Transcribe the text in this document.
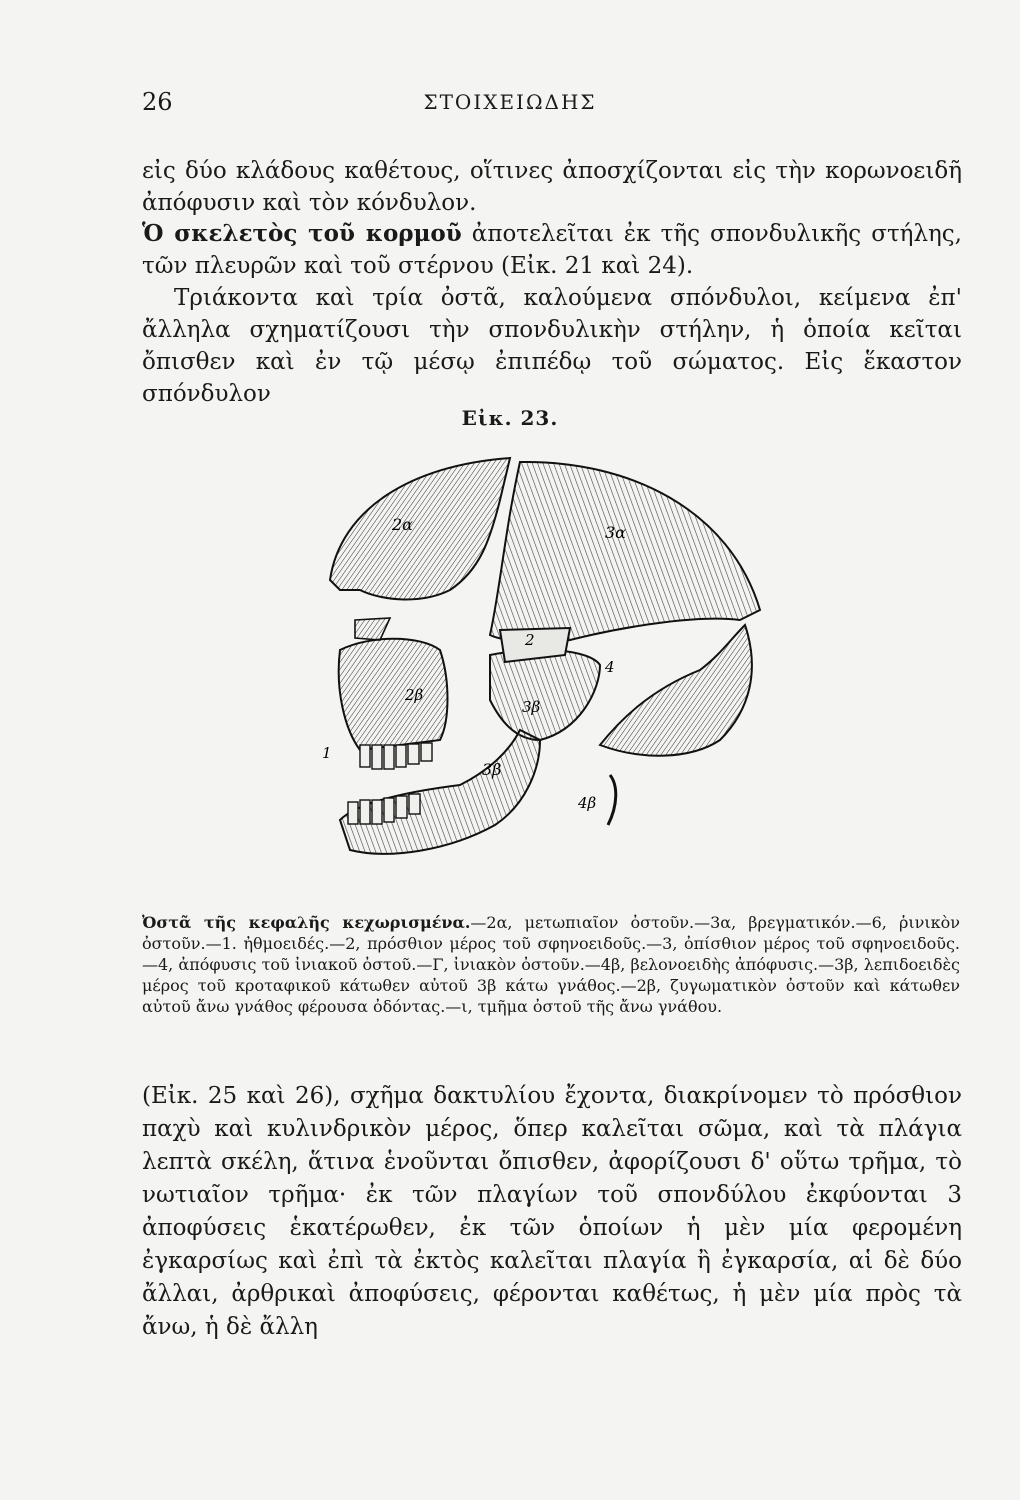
26	ΣΤΟΙΧΕΙΩΔΗΣ

εἰς δύο κλάδους καθέτους, οἵτινες ἀποσχίζονται εἰς τὴν κορωνοειδῆ ἀπόφυσιν καὶ τὸν κόνδυλον.

Ὁ σκελετὸς τοῦ κορμοῦ ἀποτελεῖται ἐκ τῆς σπονδυλικῆς στήλης, τῶν πλευρῶν καὶ τοῦ στέρνου (Εἰκ. 21 καὶ 24).

Τριάκοντα καὶ τρία ὀστᾶ, καλούμενα σπόνδυλοι, κείμενα ἐπ' ἄλληλα σχηματίζουσι τὴν σπονδυλικὴν στήλην, ἡ ὁποία κεῖται ὄπισθεν καὶ ἐν τῷ μέσῳ ἐπιπέδῳ τοῦ σώματος. Εἰς ἕκαστον σπόνδυλον

Εἰκ. 23.
2α	3α
2
4
2β
3β
3β
1
4β

Ὀστᾶ τῆς κεφαλῆς κεχωρισμένα.—2α, μετωπιαῖον ὀστοῦν.—3α, βρεγματικόν.—6, ῥινικὸν ὀστοῦν.—1. ἠθμοειδές.—2, πρόσθιον μέρος τοῦ σφηνοειδοῦς.—3, ὀπίσθιον μέρος τοῦ σφηνοειδοῦς.—4, ἀπόφυσις τοῦ ἰνιακοῦ ὀστοῦ.—Γ, ἰνιακὸν ὀστοῦν.—4β, βελονοειδὴς ἀπόφυσις.—3β, λεπιδοειδὲς μέρος τοῦ κροταφικοῦ κάτωθεν αὐτοῦ 3β κάτω γνάθος.—2β, ζυγωματικὸν ὀστοῦν καὶ κάτωθεν αὐτοῦ ἄνω γνάθος φέρουσα ὀδόντας.—ι, τμῆμα ὀστοῦ τῆς ἄνω γνάθου.

(Εἰκ. 25 καὶ 26), σχῆμα δακτυλίου ἔχοντα, διακρίνομεν τὸ πρόσθιον παχὺ καὶ κυλινδρικὸν μέρος, ὅπερ καλεῖται σῶμα, καὶ τὰ πλάγια λεπτὰ σκέλη, ἅτινα ἑνοῦνται ὄπισθεν, ἀφορίζουσι δ' οὕτω τρῆμα, τὸ νωτιαῖον τρῆμα· ἐκ τῶν πλαγίων τοῦ σπονδύλου ἐκφύονται 3 ἀποφύσεις ἑκατέρωθεν, ἐκ τῶν ὁποίων ἡ μὲν μία φερομένη ἐγκαρσίως καὶ ἐπὶ τὰ ἐκτὸς καλεῖται πλαγία ἢ ἐγκαρσία, αἱ δὲ δύο ἄλλαι, ἀρθρικαὶ ἀποφύσεις, φέρονται καθέτως, ἡ μὲν μία πρὸς τὰ ἄνω, ἡ δὲ ἄλλη
